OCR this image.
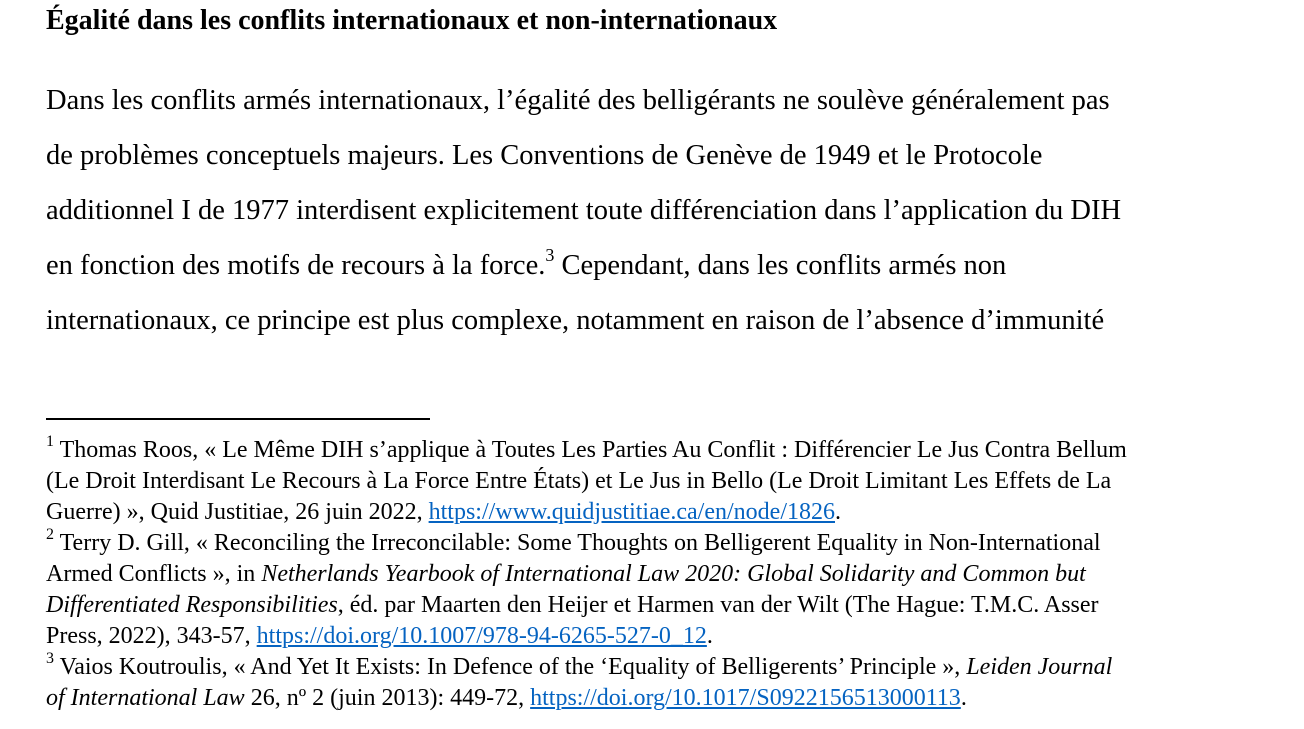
Égalité dans les conflits internationaux et non-internationaux

Dans les conflits armés internationaux, l’égalité des belligérants ne soulève généralement pas
de problèmes conceptuels majeurs. Les Conventions de Genève de 1949 et le Protocole
additionnel I de 1977 interdisent explicitement toute différenciation dans l’application du DIH
en fonction des motifs de recours à la force.$^3$ Cependant, dans les conflits armés non
internationaux, ce principe est plus complexe, notamment en raison de l’absence d’immunité

$^1$ Thomas Roos, « Le Même DIH s’applique à Toutes Les Parties Au Conflit : Différencier Le Jus Contra Bellum
(Le Droit Interdisant Le Recours à La Force Entre États) et Le Jus in Bello (Le Droit Limitant Les Effets de La
Guerre) », Quid Justitiae, 26 juin 2022, https://www.quidjustitiae.ca/en/node/1826.
$^2$ Terry D. Gill, « Reconciling the Irreconcilable: Some Thoughts on Belligerent Equality in Non-International
Armed Conflicts », in Netherlands Yearbook of International Law 2020: Global Solidarity and Common but
Differentiated Responsibilities, éd. par Maarten den Heijer et Harmen van der Wilt (The Hague: T.M.C. Asser
Press, 2022), 343-57, https://doi.org/10.1007/978-94-6265-527-0_12.
$^3$ Vaios Koutroulis, « And Yet It Exists: In Defence of the ‘Equality of Belligerents’ Principle », Leiden Journal
of International Law 26, nº 2 (juin 2013): 449-72, https://doi.org/10.1017/S0922156513000113.
